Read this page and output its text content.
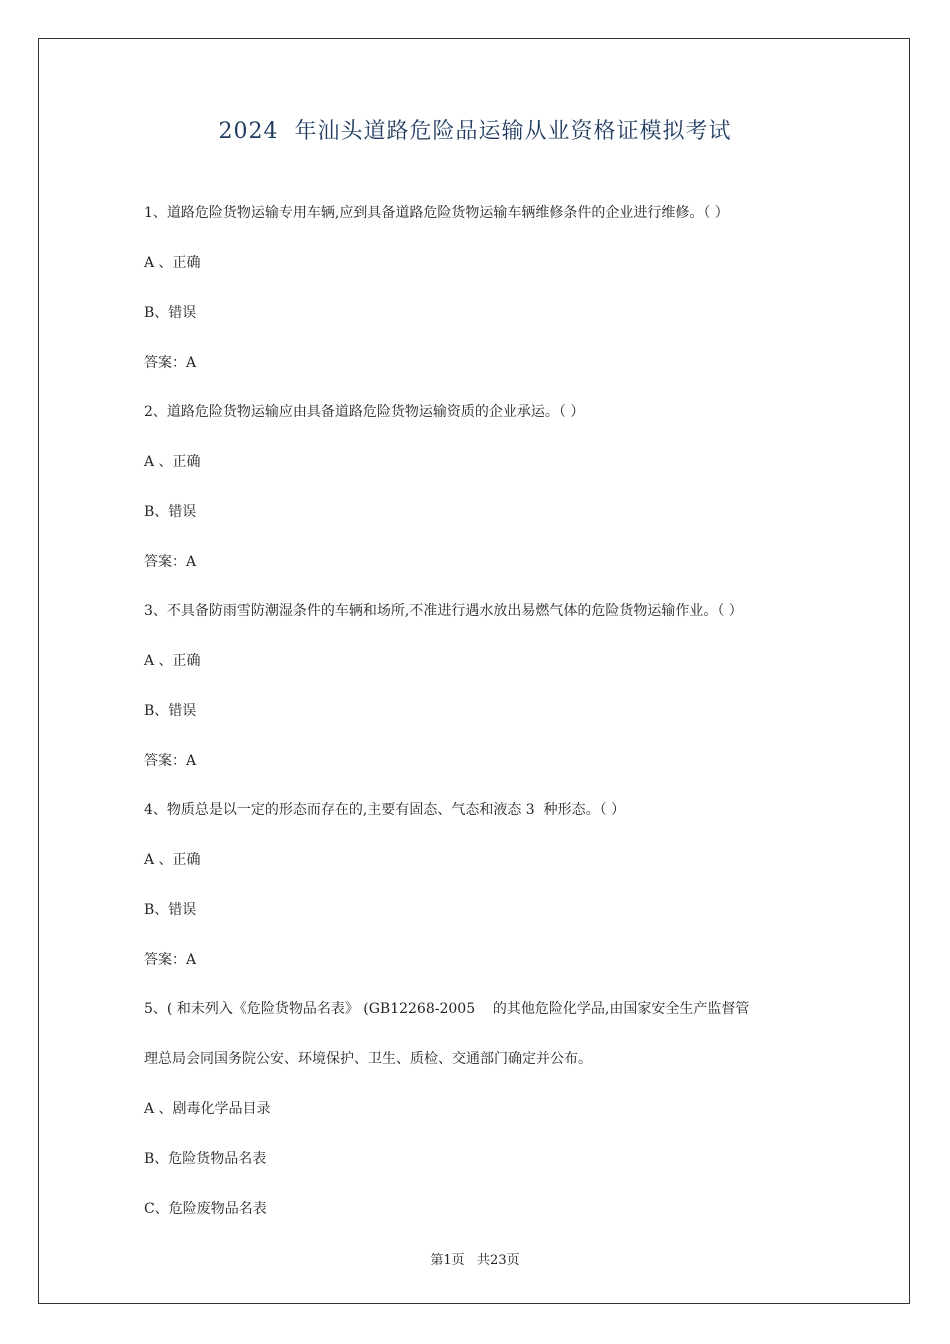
2024  年汕头道路危险品运输从业资格证模拟考试
1、道路危险货物运输专用车辆,应到具备道路危险货物运输车辆维修条件的企业进行维修。（ ）
A 、正确
B、错误
答案：A
2、道路危险货物运输应由具备道路危险货物运输资质的企业承运。（ ）
A 、正确
B、错误
答案：A
3、不具备防雨雪防潮湿条件的车辆和场所,不准进行遇水放出易燃气体的危险货物运输作业。（ ）
A 、正确
B、错误
答案：A
4、物质总是以一定的形态而存在的,主要有固态、气态和液态 3  种形态。（ ）
A 、正确
B、错误
答案：A
5、( 和未列入《危险货物品名表》 (GB12268-2005    的其他危险化学品,由国家安全生产监督管
理总局会同国务院公安、环境保护、卫生、质检、交通部门确定并公布。
A 、剧毒化学品目录
B、危险货物品名表
C、危险废物品名表
第1页   共23页
